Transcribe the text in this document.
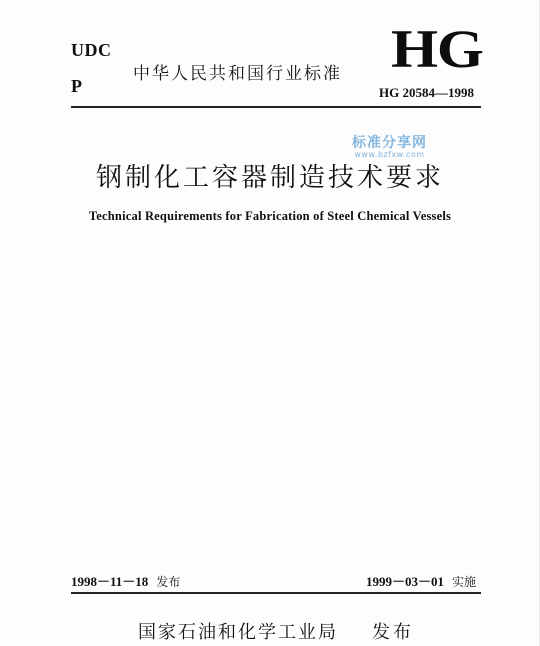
UDC
P
中华人民共和国行业标准 HG
HG 20584—1998
标准分享网
www.bzfxw.com
钢制化工容器制造技术要求
Technical Requirements for Fabrication of Steel Chemical Vessels
1998－11－18 发布	1999－03－01 实施
国家石油和化学工业局 发布
